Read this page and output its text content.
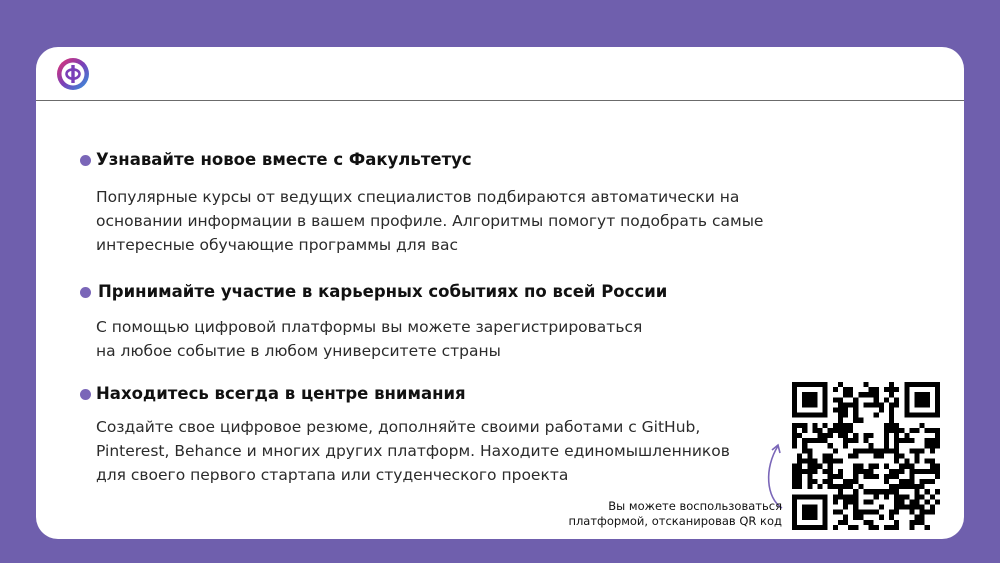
Узнавайте новое вместе с Факультетус
Популярные курсы от ведущих специалистов подбираются автоматически на
основании информации в вашем профиле. Алгоритмы помогут подобрать самые
интересные обучающие программы для вас
Принимайте участие в карьерных событиях по всей России
С помощью цифровой платформы вы можете зарегистрироваться
на любое событие в любом университете страны
Находитесь всегда в центре внимания
Создайте свое цифровое резюме, дополняйте своими работами с GitHub,
Pinterest, Behance и многих других платформ. Находите единомышленников
для своего первого стартапа или студенческого проекта
Вы можете воспользоваться
платформой, отсканировав QR код
